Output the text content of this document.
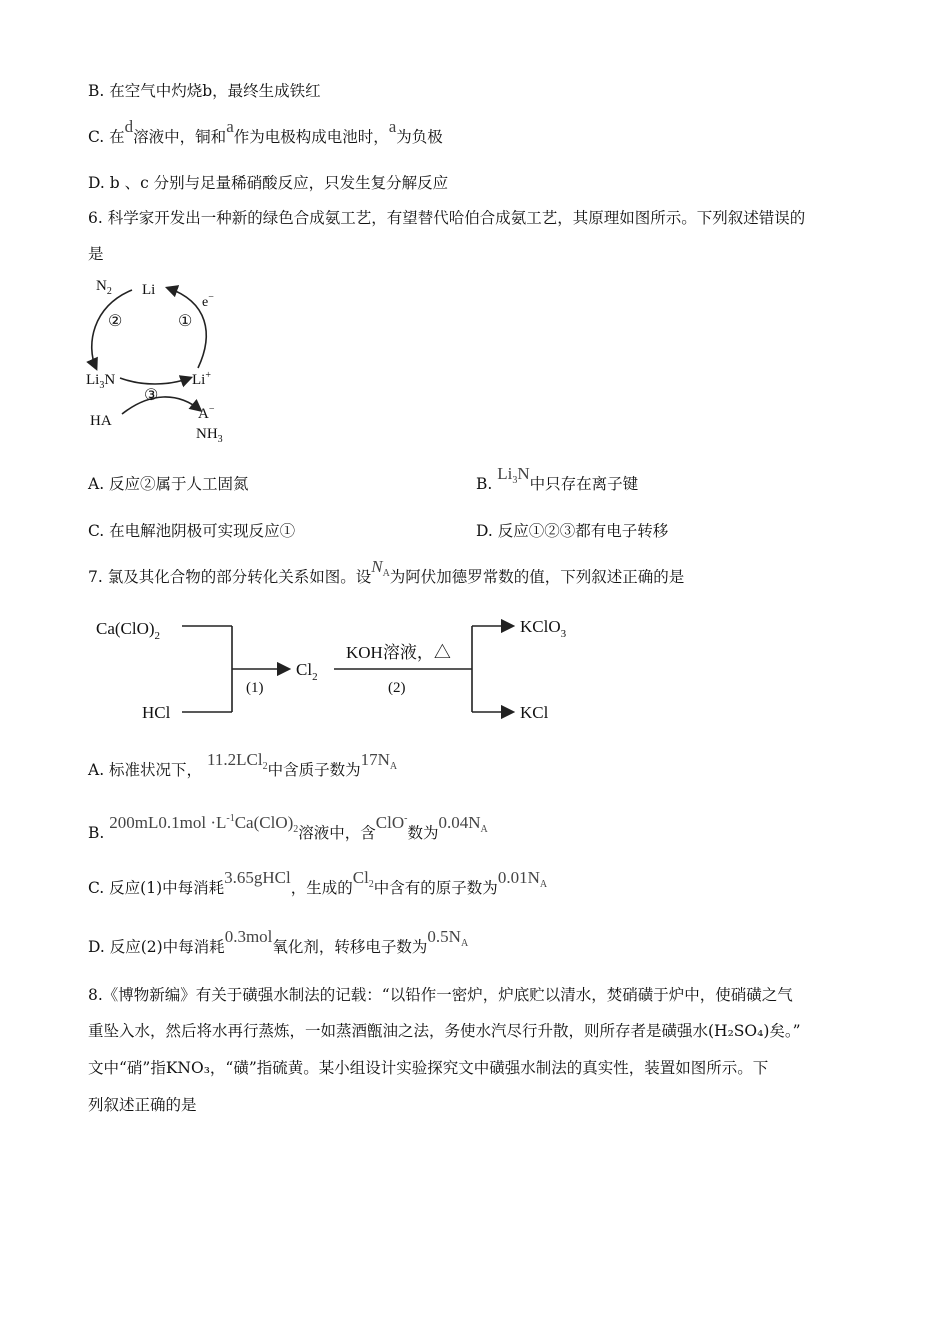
B. 在空气中灼烧b，最终生成铁红
C. 在d溶液中，铜和a作为电极构成电池时，a为负极
D. b 、c 分别与足量稀硝酸反应，只发生复分解反应
6. 科学家开发出一种新的绿色合成氨工艺，有望替代哈伯合成氨工艺，其原理如图所示。下列叙述错误的
是
$N_2$ Li
e−
②	①
$Li_3N$	Li+
③
HA	A−
$NH_3$
A. 反应②属于人工固氮	B. $Li_3N$中只存在离子键
C. 在电解池阴极可实现反应①	D. 反应①②③都有电子转移
7. 氯及其化合物的部分转化关系如图。设$N_A$为阿伏加德罗常数的值，下列叙述正确的是
$Ca(ClO)_2$
HCl
(1)
$Cl_2$
KOH溶液，△
(2)
KClO$_3$
KCl
A. 标准状况下， 11.2LCl$_2$中含质子数为$17N_A$
B. $200mL0.1mol \cdot L^{-1}Ca(ClO)_2$溶液中，含ClO-数为$0.04N_A$
C. 反应(1)中每消耗3.65gHCl，生成的$Cl_2$中含有的原子数为$0.01N_A$
D. 反应(2)中每消耗0.3mol氧化剂，转移电子数为$0.5N_A$
8.《博物新编》有关于磺强水制法的记载：“以铅作一密炉，炉底贮以清水，焚硝磺于炉中，使硝磺之气
重坠入水，然后将水再行蒸炼，一如蒸酒甑油之法，务使水汽尽行升散，则所存者是磺强水(H₂SO₄)矣。”
文中“硝”指KNO₃，“磺”指硫黄。某小组设计实验探究文中磺强水制法的真实性，装置如图所示。下
列叙述正确的是
